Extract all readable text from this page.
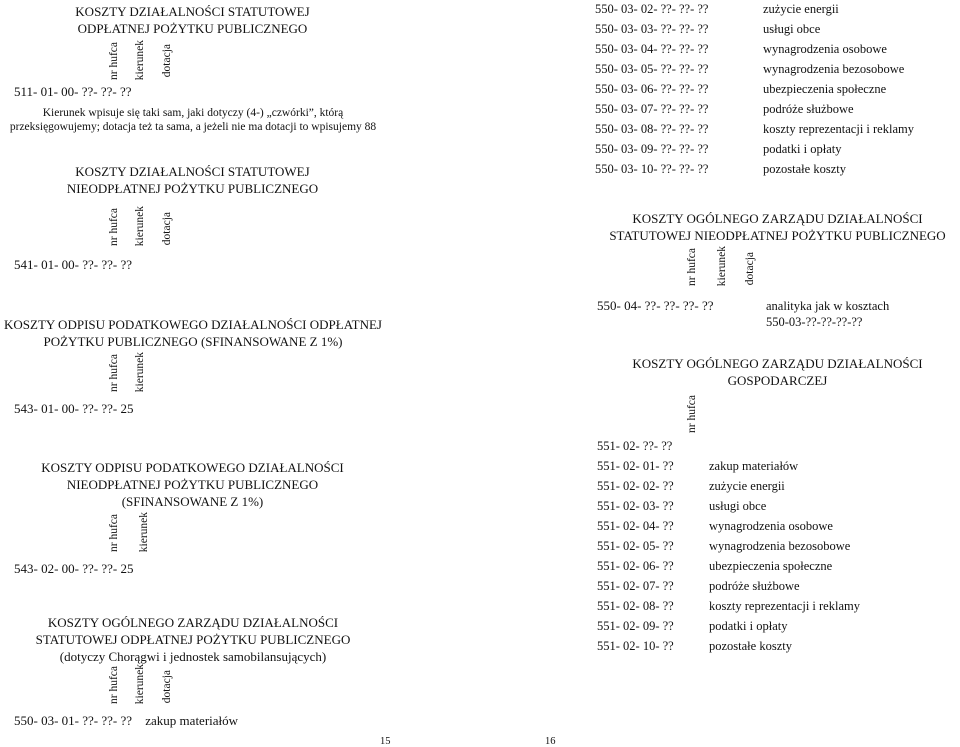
KOSZTY DZIAŁALNOŚCI STATUTOWEJ
ODPŁATNEJ POŻYTKU PUBLICZNEGO
nr hufca kierunek dotacja
511- 01- 00- ??- ??- ??
Kierunek wpisuje się taki sam, jaki dotyczy (4-) „czwórki”, którą
przeksięgowujemy; dotacja też ta sama, a jeżeli nie ma dotacji to wpisujemy 88
KOSZTY DZIAŁALNOŚCI STATUTOWEJ
NIEODPŁATNEJ POŻYTKU PUBLICZNEGO
nr hufca kierunek dotacja
541- 01- 00- ??- ??- ??
KOSZTY ODPISU PODATKOWEGO DZIAŁALNOŚCI ODPŁATNEJ
POŻYTKU PUBLICZNEGO (SFINANSOWANE Z 1%)
nr hufca kierunek
543- 01- 00- ??- ??- 25
KOSZTY ODPISU PODATKOWEGO DZIAŁALNOŚCI
NIEODPŁATNEJ POŻYTKU PUBLICZNEGO
(SFINANSOWANE Z 1%)
nr hufca kierunek
543- 02- 00- ??- ??- 25
KOSZTY OGÓLNEGO ZARZĄDU DZIAŁALNOŚCI
STATUTOWEJ ODPŁATNEJ POŻYTKU PUBLICZNEGO
(dotyczy Chorągwi i jednostek samobilansujących)
nr hufca kierunek dotacja
550- 03- 01- ??- ??- ?? zakup materiałów
15
550- 03- 02- ??- ??- ??	zużycie energii
550- 03- 03- ??- ??- ??	usługi obce
550- 03- 04- ??- ??- ??	wynagrodzenia osobowe
550- 03- 05- ??- ??- ??	wynagrodzenia bezosobowe
550- 03- 06- ??- ??- ??	ubezpieczenia społeczne
550- 03- 07- ??- ??- ??	podróże służbowe
550- 03- 08- ??- ??- ??	koszty reprezentacji i reklamy
550- 03- 09- ??- ??- ??	podatki i opłaty
550- 03- 10- ??- ??- ??	pozostałe koszty
KOSZTY OGÓLNEGO ZARZĄDU DZIAŁALNOŚCI
STATUTOWEJ NIEODPŁATNEJ POŻYTKU PUBLICZNEGO
nr hufca kierunek dotacja
550- 04- ??- ??- ??- ??	analityka jak w kosztach
550-03-??-??-??-??
KOSZTY OGÓLNEGO ZARZĄDU DZIAŁALNOŚCI
GOSPODARCZEJ
nr hufca
551- 02- ??- ??
551- 02- 01- ??	zakup materiałów
551- 02- 02- ??	zużycie energii
551- 02- 03- ??	usługi obce
551- 02- 04- ??	wynagrodzenia osobowe
551- 02- 05- ??	wynagrodzenia bezosobowe
551- 02- 06- ??	ubezpieczenia społeczne
551- 02- 07- ??	podróże służbowe
551- 02- 08- ??	koszty reprezentacji i reklamy
551- 02- 09- ??	podatki i opłaty
551- 02- 10- ??	pozostałe koszty
16
